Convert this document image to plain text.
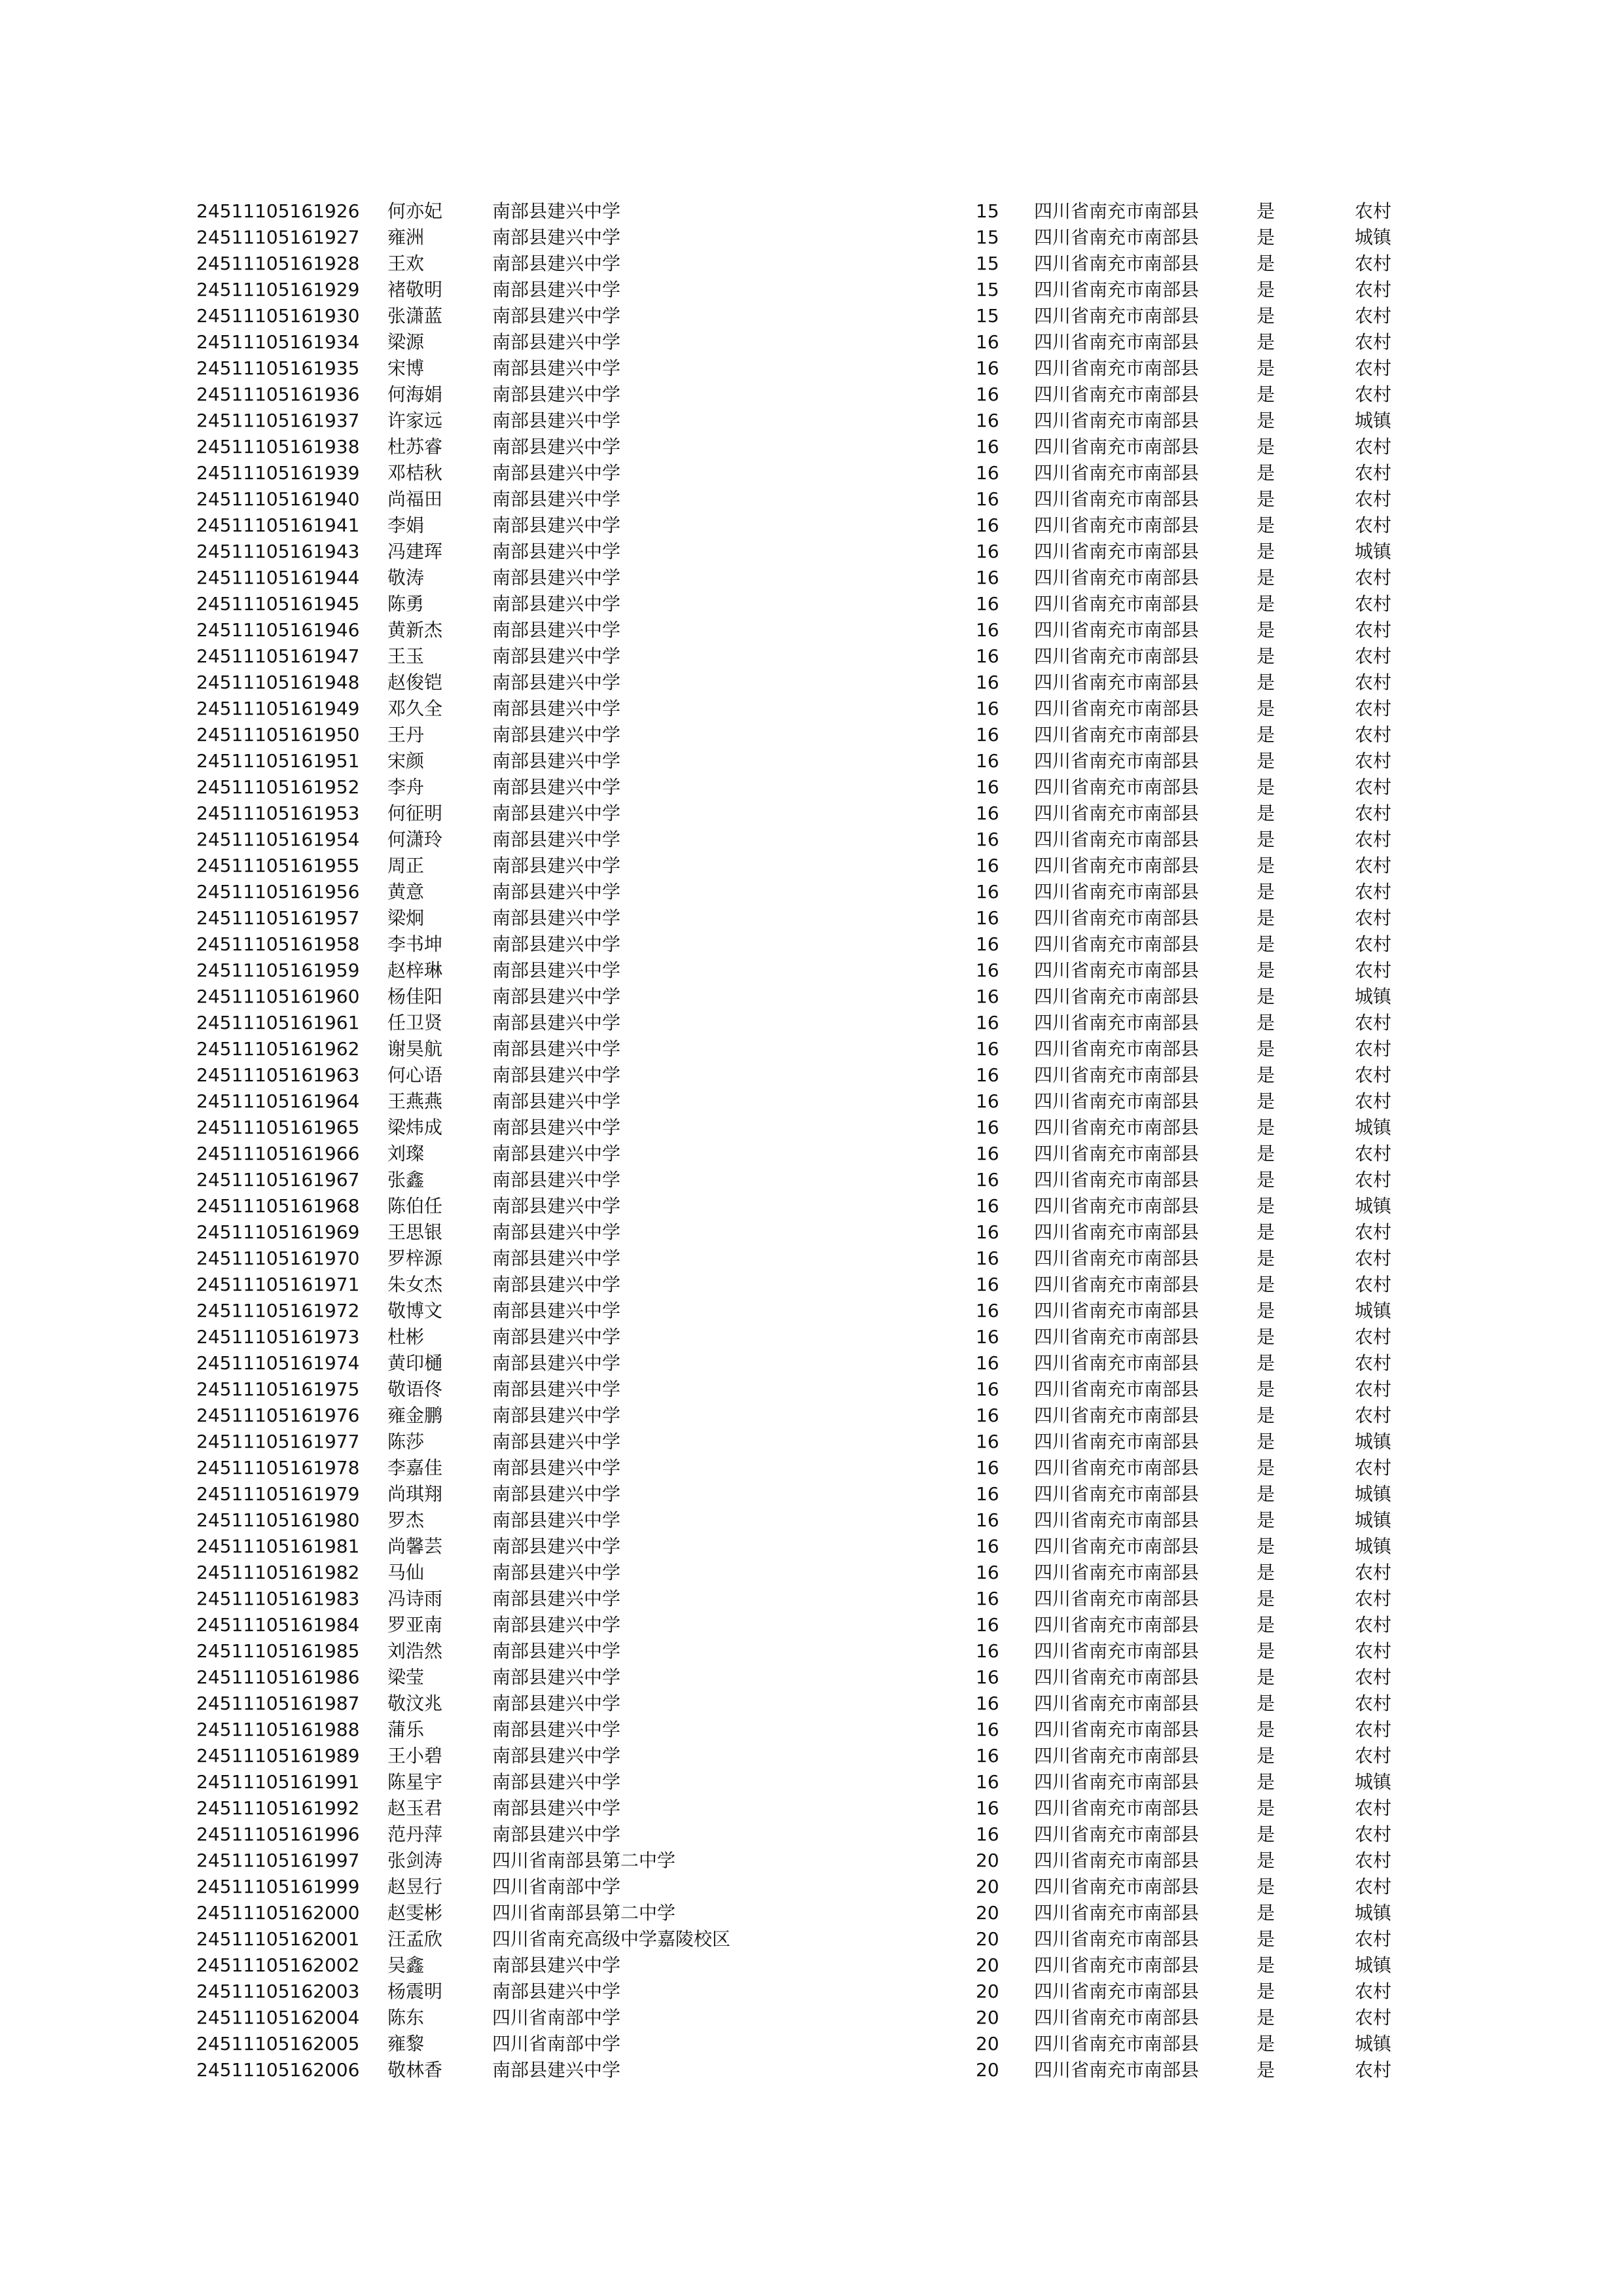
24511105161926 何亦妃	南部县建兴中学	15 四川省南充市南部县	是	农村
24511105161927 雍洲	南部县建兴中学	15 四川省南充市南部县	是	城镇
24511105161928 王欢	南部县建兴中学	15 四川省南充市南部县	是	农村
24511105161929 褚敬明	南部县建兴中学	15 四川省南充市南部县	是	农村
24511105161930 张潇蓝	南部县建兴中学	15 四川省南充市南部县	是	农村
24511105161934 梁源	南部县建兴中学	16 四川省南充市南部县	是	农村
24511105161935 宋博	南部县建兴中学	16 四川省南充市南部县	是	农村
24511105161936 何海娟	南部县建兴中学	16 四川省南充市南部县	是	农村
24511105161937 许家远	南部县建兴中学	16 四川省南充市南部县	是	城镇
24511105161938 杜苏睿	南部县建兴中学	16 四川省南充市南部县	是	农村
24511105161939 邓桔秋	南部县建兴中学	16 四川省南充市南部县	是	农村
24511105161940 尚福田	南部县建兴中学	16 四川省南充市南部县	是	农村
24511105161941 李娟	南部县建兴中学	16 四川省南充市南部县	是	农村
24511105161943 冯建珲	南部县建兴中学	16 四川省南充市南部县	是	城镇
24511105161944 敬涛	南部县建兴中学	16 四川省南充市南部县	是	农村
24511105161945 陈勇	南部县建兴中学	16 四川省南充市南部县	是	农村
24511105161946 黄新杰	南部县建兴中学	16 四川省南充市南部县	是	农村
24511105161947 王玉	南部县建兴中学	16 四川省南充市南部县	是	农村
24511105161948 赵俊铠	南部县建兴中学	16 四川省南充市南部县	是	农村
24511105161949 邓久全	南部县建兴中学	16 四川省南充市南部县	是	农村
24511105161950 王丹	南部县建兴中学	16 四川省南充市南部县	是	农村
24511105161951 宋颜	南部县建兴中学	16 四川省南充市南部县	是	农村
24511105161952 李舟	南部县建兴中学	16 四川省南充市南部县	是	农村
24511105161953 何征明	南部县建兴中学	16 四川省南充市南部县	是	农村
24511105161954 何潇玲	南部县建兴中学	16 四川省南充市南部县	是	农村
24511105161955 周正	南部县建兴中学	16 四川省南充市南部县	是	农村
24511105161956 黄意	南部县建兴中学	16 四川省南充市南部县	是	农村
24511105161957 梁炯	南部县建兴中学	16 四川省南充市南部县	是	农村
24511105161958 李书坤	南部县建兴中学	16 四川省南充市南部县	是	农村
24511105161959 赵梓琳	南部县建兴中学	16 四川省南充市南部县	是	农村
24511105161960 杨佳阳	南部县建兴中学	16 四川省南充市南部县	是	城镇
24511105161961 任卫贤	南部县建兴中学	16 四川省南充市南部县	是	农村
24511105161962 谢昊航	南部县建兴中学	16 四川省南充市南部县	是	农村
24511105161963 何心语	南部县建兴中学	16 四川省南充市南部县	是	农村
24511105161964 王燕燕	南部县建兴中学	16 四川省南充市南部县	是	农村
24511105161965 梁炜成	南部县建兴中学	16 四川省南充市南部县	是	城镇
24511105161966 刘璨	南部县建兴中学	16 四川省南充市南部县	是	农村
24511105161967 张鑫	南部县建兴中学	16 四川省南充市南部县	是	农村
24511105161968 陈伯任	南部县建兴中学	16 四川省南充市南部县	是	城镇
24511105161969 王思银	南部县建兴中学	16 四川省南充市南部县	是	农村
24511105161970 罗梓源	南部县建兴中学	16 四川省南充市南部县	是	农村
24511105161971 朱女杰	南部县建兴中学	16 四川省南充市南部县	是	农村
24511105161972 敬博文	南部县建兴中学	16 四川省南充市南部县	是	城镇
24511105161973 杜彬	南部县建兴中学	16 四川省南充市南部县	是	农村
24511105161974 黄印樋	南部县建兴中学	16 四川省南充市南部县	是	农村
24511105161975 敬语佟	南部县建兴中学	16 四川省南充市南部县	是	农村
24511105161976 雍金鹏	南部县建兴中学	16 四川省南充市南部县	是	农村
24511105161977 陈莎	南部县建兴中学	16 四川省南充市南部县	是	城镇
24511105161978 李嘉佳	南部县建兴中学	16 四川省南充市南部县	是	农村
24511105161979 尚琪翔	南部县建兴中学	16 四川省南充市南部县	是	城镇
24511105161980 罗杰	南部县建兴中学	16 四川省南充市南部县	是	城镇
24511105161981 尚馨芸	南部县建兴中学	16 四川省南充市南部县	是	城镇
24511105161982 马仙	南部县建兴中学	16 四川省南充市南部县	是	农村
24511105161983 冯诗雨	南部县建兴中学	16 四川省南充市南部县	是	农村
24511105161984 罗亚南	南部县建兴中学	16 四川省南充市南部县	是	农村
24511105161985 刘浩然	南部县建兴中学	16 四川省南充市南部县	是	农村
24511105161986 梁莹	南部县建兴中学	16 四川省南充市南部县	是	农村
24511105161987 敬汶兆	南部县建兴中学	16 四川省南充市南部县	是	农村
24511105161988 蒲乐	南部县建兴中学	16 四川省南充市南部县	是	农村
24511105161989 王小碧	南部县建兴中学	16 四川省南充市南部县	是	农村
24511105161991 陈星宇	南部县建兴中学	16 四川省南充市南部县	是	城镇
24511105161992 赵玉君	南部县建兴中学	16 四川省南充市南部县	是	农村
24511105161996 范丹萍	南部县建兴中学	16 四川省南充市南部县	是	农村
24511105161997 张剑涛	四川省南部县第二中学	20 四川省南充市南部县	是	农村
24511105161999 赵昱行	四川省南部中学	20 四川省南充市南部县	是	农村
24511105162000 赵雯彬	四川省南部县第二中学	20 四川省南充市南部县	是	城镇
24511105162001 汪孟欣	四川省南充高级中学嘉陵校区	20 四川省南充市南部县	是	农村
24511105162002 吴鑫	南部县建兴中学	20 四川省南充市南部县	是	城镇
24511105162003 杨震明	南部县建兴中学	20 四川省南充市南部县	是	农村
24511105162004 陈东	四川省南部中学	20 四川省南充市南部县	是	农村
24511105162005 雍黎	四川省南部中学	20 四川省南充市南部县	是	城镇
24511105162006 敬林香	南部县建兴中学	20 四川省南充市南部县	是	农村
